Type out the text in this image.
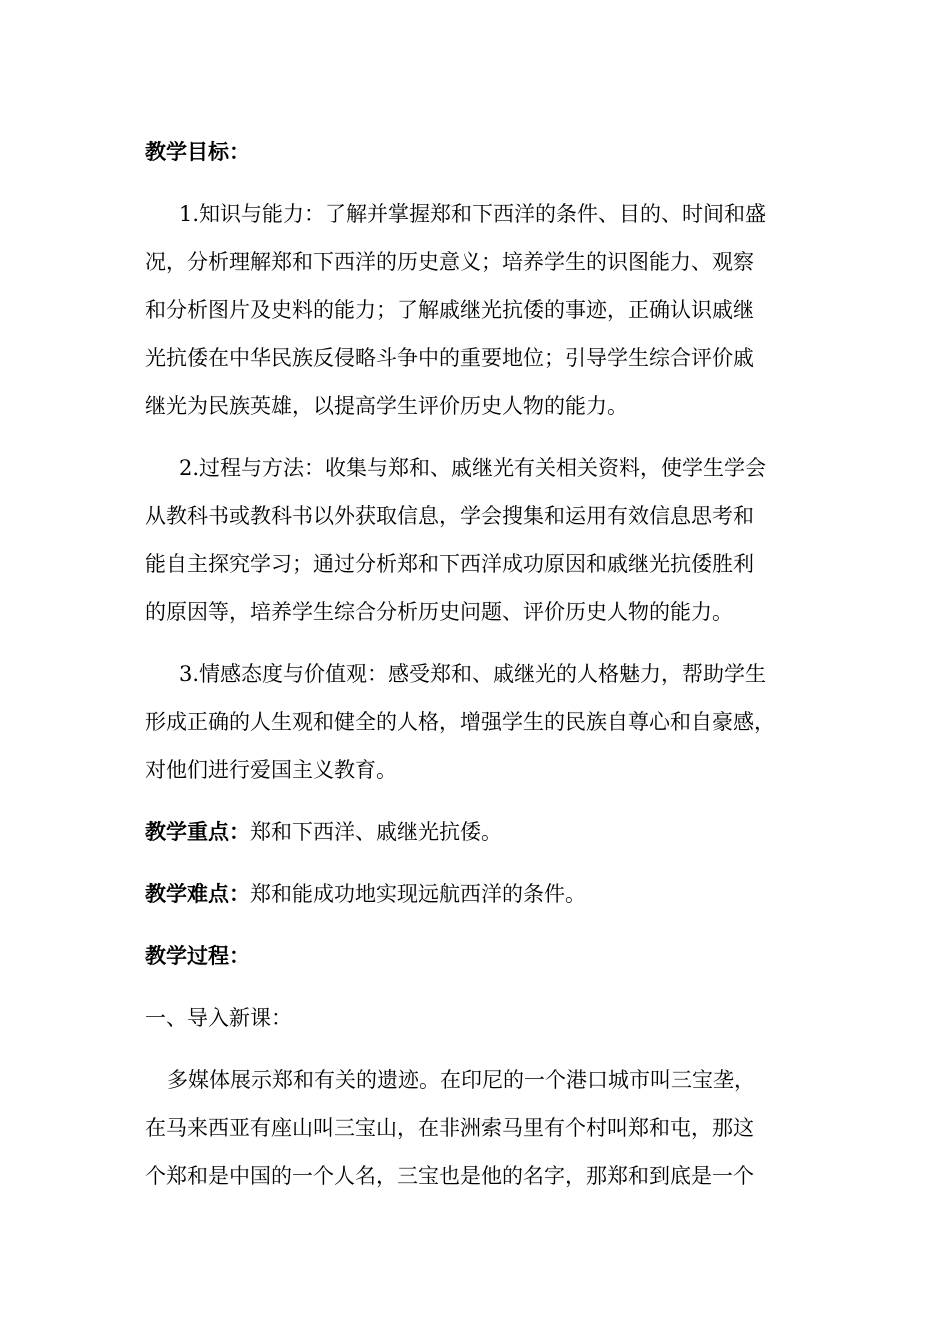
教学目标：

1.知识与能力：了解并掌握郑和下西洋的条件、目的、时间和盛
况，分析理解郑和下西洋的历史意义；培养学生的识图能力、观察
和分析图片及史料的能力；了解戚继光抗倭的事迹，正确认识戚继
光抗倭在中华民族反侵略斗争中的重要地位；引导学生综合评价戚
继光为民族英雄，以提高学生评价历史人物的能力。
2.过程与方法：收集与郑和、戚继光有关相关资料，使学生学会
从教科书或教科书以外获取信息，学会搜集和运用有效信息思考和
能自主探究学习；通过分析郑和下西洋成功原因和戚继光抗倭胜利
的原因等，培养学生综合分析历史问题、评价历史人物的能力。
3.情感态度与价值观：感受郑和、戚继光的人格魅力，帮助学生
形成正确的人生观和健全的人格，增强学生的民族自尊心和自豪感，
对他们进行爱国主义教育。

教学重点：郑和下西洋、戚继光抗倭。

教学难点：郑和能成功地实现远航西洋的条件。

教学过程：

一、导入新课：

多媒体展示郑和有关的遗迹。在印尼的一个港口城市叫三宝垄，
在马来西亚有座山叫三宝山，在非洲索马里有个村叫郑和屯，那这
个郑和是中国的一个人名，三宝也是他的名字，那郑和到底是一个
